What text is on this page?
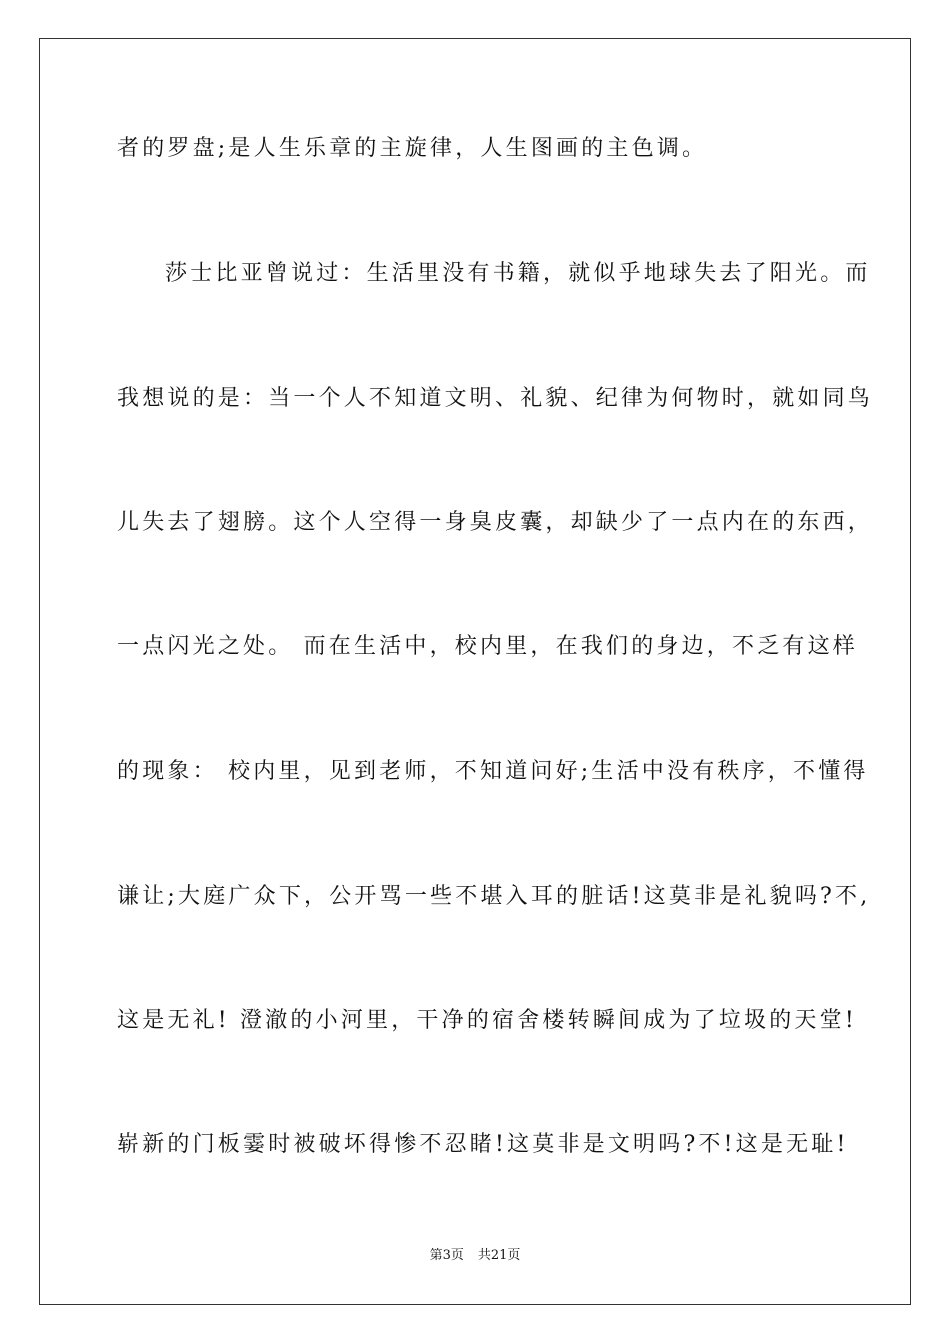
者的罗盘;是人生乐章的主旋律，人生图画的主色调。
莎士比亚曾说过：生活里没有书籍，就似乎地球失去了阳光。而
我想说的是：当一个人不知道文明、礼貌、纪律为何物时，就如同鸟
儿失去了翅膀。这个人空得一身臭皮囊，却缺少了一点内在的东西，
一点闪光之处。 而在生活中，校内里，在我们的身边，不乏有这样
的现象： 校内里，见到老师，不知道问好;生活中没有秩序，不懂得
谦让;大庭广众下，公开骂一些不堪入耳的脏话!这莫非是礼貌吗?不,
这是无礼! 澄澈的小河里，干净的宿舍楼转瞬间成为了垃圾的天堂!
崭新的门板霎时被破坏得惨不忍睹!这莫非是文明吗?不!这是无耻!
第3页 共21页
